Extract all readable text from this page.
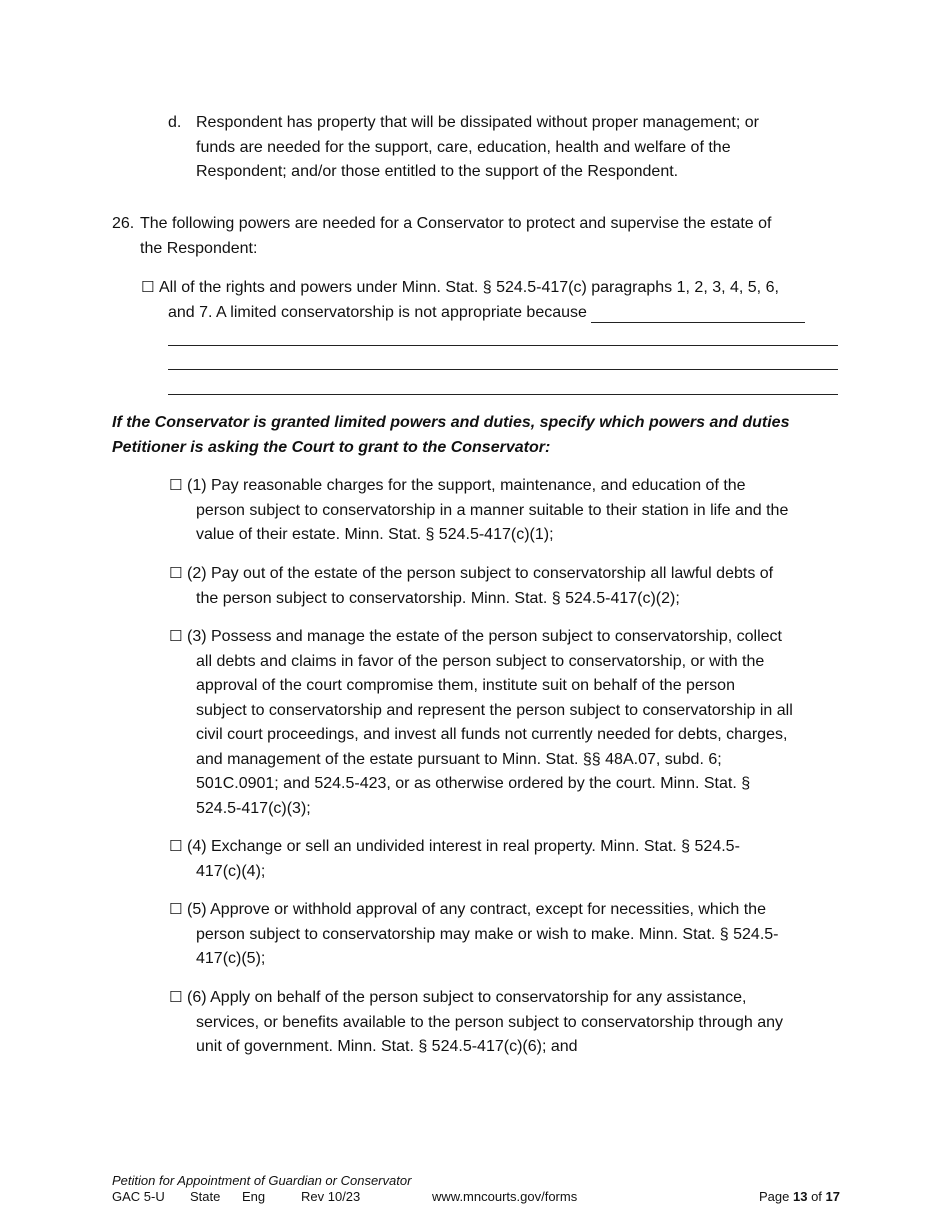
d. Respondent has property that will be dissipated without proper management; or
funds are needed for the support, care, education, health and welfare of the
Respondent; and/or those entitled to the support of the Respondent.
26. The following powers are needed for a Conservator to protect and supervise the estate of
the Respondent:
☐ All of the rights and powers under Minn. Stat. § 524.5-417(c) paragraphs 1, 2, 3, 4, 5, 6,
and 7. A limited conservatorship is not appropriate because
If the Conservator is granted limited powers and duties, specify which powers and duties
Petitioner is asking the Court to grant to the Conservator:
☐ (1) Pay reasonable charges for the support, maintenance, and education of the
person subject to conservatorship in a manner suitable to their station in life and the
value of their estate. Minn. Stat. § 524.5-417(c)(1);
☐ (2) Pay out of the estate of the person subject to conservatorship all lawful debts of
the person subject to conservatorship. Minn. Stat. § 524.5-417(c)(2);
☐ (3) Possess and manage the estate of the person subject to conservatorship, collect
all debts and claims in favor of the person subject to conservatorship, or with the
approval of the court compromise them, institute suit on behalf of the person
subject to conservatorship and represent the person subject to conservatorship in all
civil court proceedings, and invest all funds not currently needed for debts, charges,
and management of the estate pursuant to Minn. Stat. §§ 48A.07, subd. 6;
501C.0901; and 524.5-423, or as otherwise ordered by the court. Minn. Stat. §
524.5-417(c)(3);
☐ (4) Exchange or sell an undivided interest in real property. Minn. Stat. § 524.5-
417(c)(4);
☐ (5) Approve or withhold approval of any contract, except for necessities, which the
person subject to conservatorship may make or wish to make. Minn. Stat. § 524.5-
417(c)(5);
☐ (6) Apply on behalf of the person subject to conservatorship for any assistance,
services, or benefits available to the person subject to conservatorship through any
unit of government. Minn. Stat. § 524.5-417(c)(6); and
Petition for Appointment of Guardian or Conservator
GAC 5-U State Eng	Rev 10/23	www.mncourts.gov/forms	Page 13 of 17
